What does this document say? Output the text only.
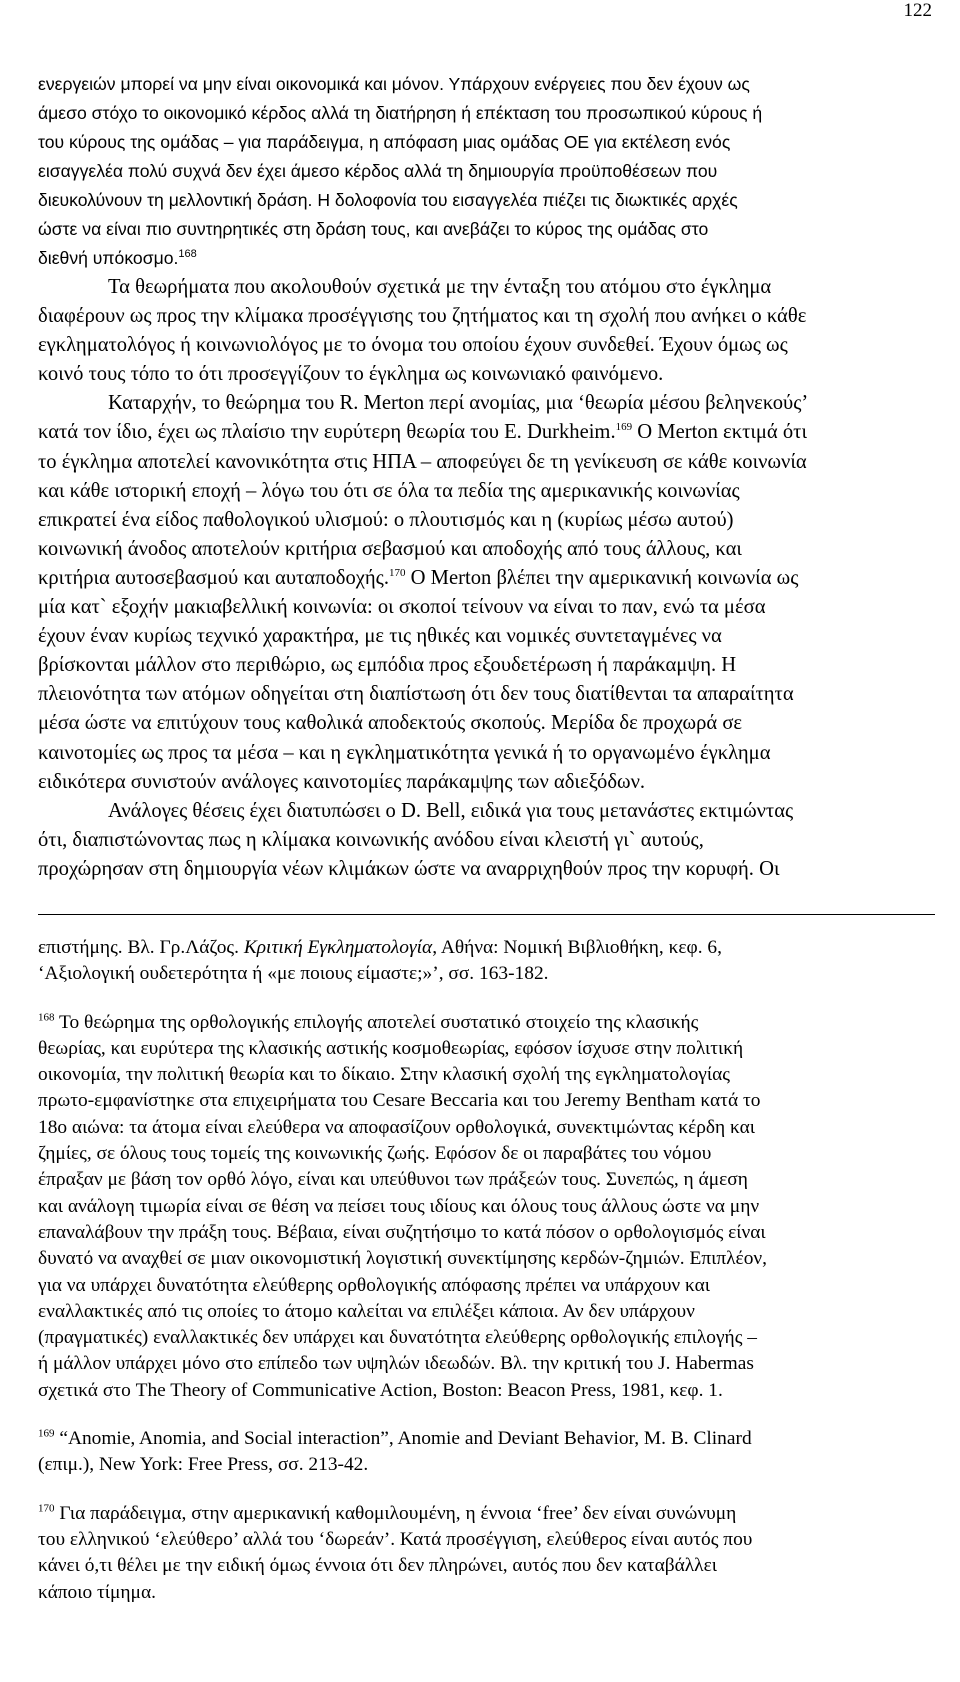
122
ενεργειών μπορεί να μην είναι οικονομικά και μόνον. Υπάρχουν ενέργειες που δεν έχουν ως
άμεσο στόχο το οικονομικό κέρδος αλλά τη διατήρηση ή επέκταση του προσωπικού κύρους ή
του κύρους της ομάδας – για παράδειγμα, η απόφαση μιας ομάδας ΟΕ για εκτέλεση ενός
εισαγγελέα πολύ συχνά δεν έχει άμεσο κέρδος αλλά τη δημιουργία προϋποθέσεων που
διευκολύνουν τη μελλοντική δράση. Η δολοφονία του εισαγγελέα πιέζει τις διωκτικές αρχές
ώστε να είναι πιο συντηρητικές στη δράση τους, και ανεβάζει το κύρος της ομάδας στο
διεθνή υπόκοσμο.$^{168}$
Τα θεωρήματα που ακολουθούν σχετικά με την ένταξη του ατόμου στο έγκλημα
διαφέρουν ως προς την κλίμακα προσέγγισης του ζητήματος και τη σχολή που ανήκει ο κάθε
εγκληματολόγος ή κοινωνιολόγος με το όνομα του οποίου έχουν συνδεθεί. Έχουν όμως ως
κοινό τους τόπο το ότι προσεγγίζουν το έγκλημα ως κοινωνιακό φαινόμενο.
Καταρχήν, το θεώρημα του R. Merton περί ανομίας, μια ‘θεωρία μέσου βεληνεκούς’
κατά τον ίδιο, έχει ως πλαίσιο την ευρύτερη θεωρία του E. Durkheim.$^{169}$ Ο Merton εκτιμά ότι
το έγκλημα αποτελεί κανονικότητα στις ΗΠΑ – αποφεύγει δε τη γενίκευση σε κάθε κοινωνία
και κάθε ιστορική εποχή – λόγω του ότι σε όλα τα πεδία της αμερικανικής κοινωνίας
επικρατεί ένα είδος παθολογικού υλισμού: ο πλουτισμός και η (κυρίως μέσω αυτού)
κοινωνική άνοδος αποτελούν κριτήρια σεβασμού και αποδοχής από τους άλλους, και
κριτήρια αυτοσεβασμού και αυταποδοχής.$^{170}$ Ο Merton βλέπει την αμερικανική κοινωνία ως
μία κατ` εξοχήν μακιαβελλική κοινωνία: οι σκοποί τείνουν να είναι το παν, ενώ τα μέσα
έχουν έναν κυρίως τεχνικό χαρακτήρα, με τις ηθικές και νομικές συντεταγμένες να
βρίσκονται μάλλον στο περιθώριο, ως εμπόδια προς εξουδετέρωση ή παράκαμψη. Η
πλειονότητα των ατόμων οδηγείται στη διαπίστωση ότι δεν τους διατίθενται τα απαραίτητα
μέσα ώστε να επιτύχουν τους καθολικά αποδεκτούς σκοπούς. Μερίδα δε προχωρά σε
καινοτομίες ως προς τα μέσα – και η εγκληματικότητα γενικά ή το οργανωμένο έγκλημα
ειδικότερα συνιστούν ανάλογες καινοτομίες παράκαμψης των αδιεξόδων.
Ανάλογες θέσεις έχει διατυπώσει ο D. Bell, ειδικά για τους μετανάστες εκτιμώντας
ότι, διαπιστώνοντας πως η κλίμακα κοινωνικής ανόδου είναι κλειστή γι` αυτούς,
προχώρησαν στη δημιουργία νέων κλιμάκων ώστε να αναρριχηθούν προς την κορυφή. Οι
επιστήμης. Βλ. Γρ.Λάζος. Κριτική Εγκληματολογία, Αθήνα: Νομική Βιβλιοθήκη, κεφ. 6,
‘Αξιολογική ουδετερότητα ή «με ποιους είμαστε;»’, σσ. 163-182.
$^{168}$ Το θεώρημα της ορθολογικής επιλογής αποτελεί συστατικό στοιχείο της κλασικής
θεωρίας, και ευρύτερα της κλασικής αστικής κοσμοθεωρίας, εφόσον ίσχυσε στην πολιτική
οικονομία, την πολιτική θεωρία και το δίκαιο. Στην κλασική σχολή της εγκληματολογίας
πρωτο-εμφανίστηκε στα επιχειρήματα του Cesare Beccaria και του Jeremy Bentham κατά το
18ο αιώνα: τα άτομα είναι ελεύθερα να αποφασίζουν ορθολογικά, συνεκτιμώντας κέρδη και
ζημίες, σε όλους τους τομείς της κοινωνικής ζωής. Εφόσον δε οι παραβάτες του νόμου
έπραξαν με βάση τον ορθό λόγο, είναι και υπεύθυνοι των πράξεών τους. Συνεπώς, η άμεση
και ανάλογη τιμωρία είναι σε θέση να πείσει τους ιδίους και όλους τους άλλους ώστε να μην
επαναλάβουν την πράξη τους. Βέβαια, είναι συζητήσιμο το κατά πόσον ο ορθολογισμός είναι
δυνατό να αναχθεί σε μιαν οικονομιστική λογιστική συνεκτίμησης κερδών-ζημιών. Επιπλέον,
για να υπάρχει δυνατότητα ελεύθερης ορθολογικής απόφασης πρέπει να υπάρχουν και
εναλλακτικές από τις οποίες το άτομο καλείται να επιλέξει κάποια. Αν δεν υπάρχουν
(πραγματικές) εναλλακτικές δεν υπάρχει και δυνατότητα ελεύθερης ορθολογικής επιλογής –
ή μάλλον υπάρχει μόνο στο επίπεδο των υψηλών ιδεωδών. Βλ. την κριτική του J. Habermas
σχετικά στο The Theory of Communicative Action, Boston: Beacon Press, 1981, κεφ. 1.
$^{169}$ “Anomie, Anomia, and Social interaction”, Anomie and Deviant Behavior, M. B. Clinard
(επιμ.), New York: Free Press, σσ. 213-42.
$^{170}$ Για παράδειγμα, στην αμερικανική καθομιλουμένη, η έννοια ‘free’ δεν είναι συνώνυμη
του ελληνικού ‘ελεύθερο’ αλλά του ‘δωρεάν’. Κατά προσέγγιση, ελεύθερος είναι αυτός που
κάνει ό,τι θέλει με την ειδική όμως έννοια ότι δεν πληρώνει, αυτός που δεν καταβάλλει
κάποιο τίμημα.
